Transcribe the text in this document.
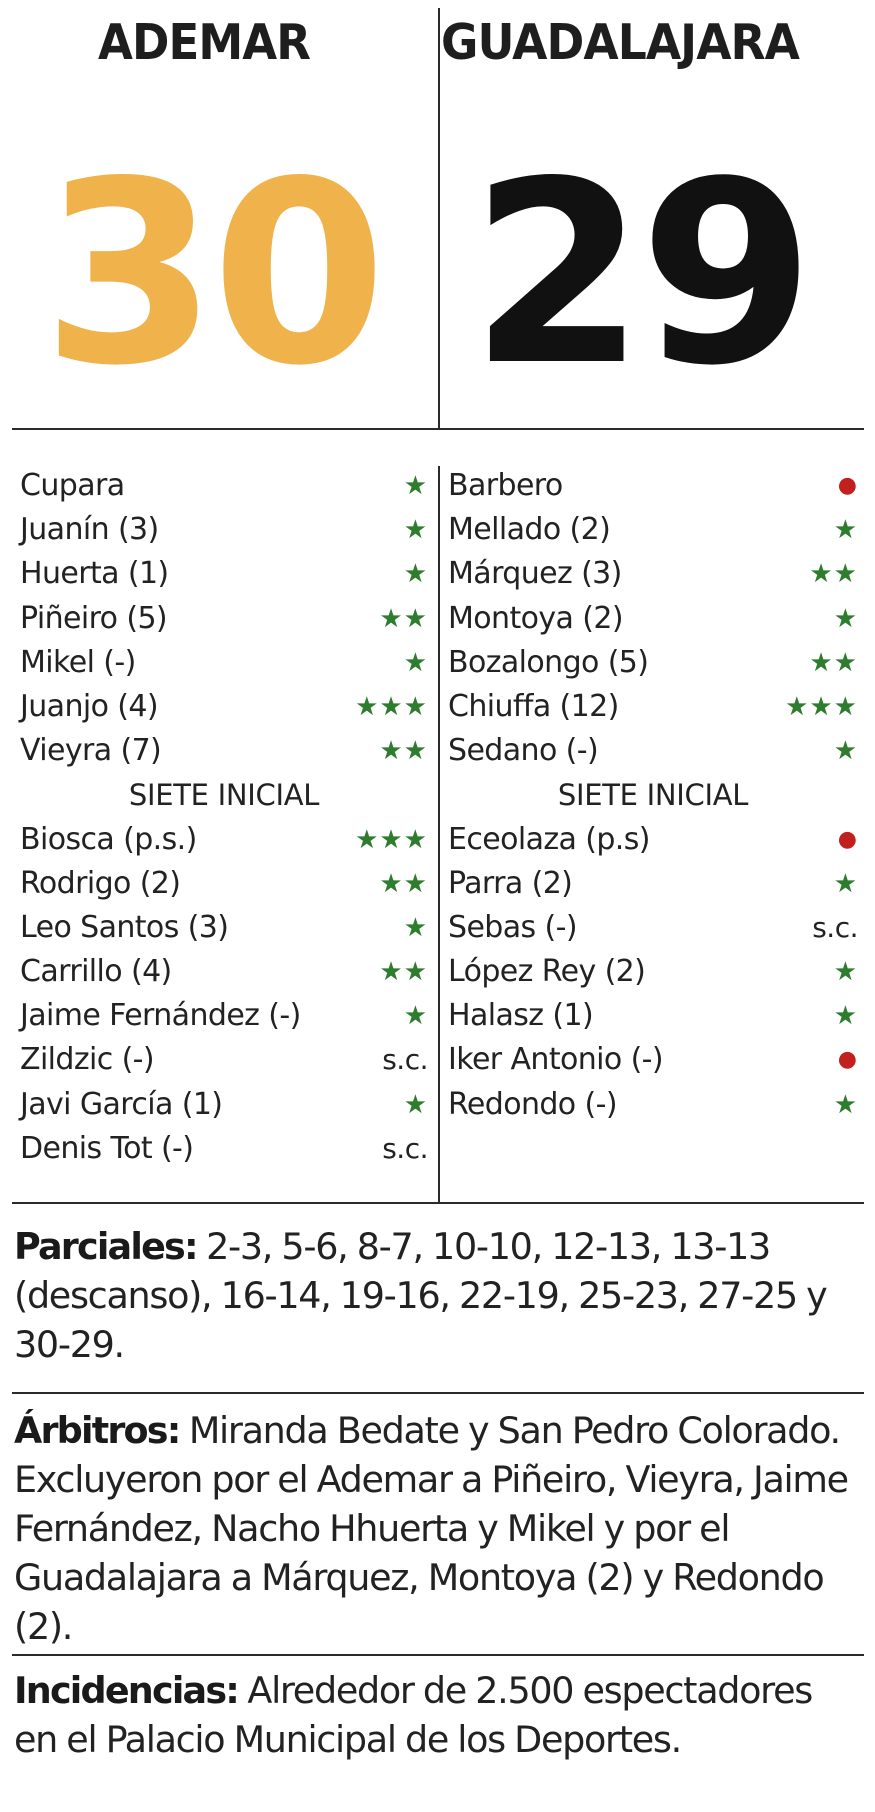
ADEMAR	GUADALAJARA
30 29
Cupara	★
Juanín (3)	★
Huerta (1)	★
Piñeiro (5)	★★
Mikel (-)	★
Juanjo (4)	★★★
Vieyra (7)	★★
SIETE INICIAL
Biosca (p.s.)	★★★
Rodrigo (2)	★★
Leo Santos (3)	★
Carrillo (4)	★★
Jaime Fernández (-)	★
Zildzic (-)	s.c.
Javi García (1)	★
Denis Tot (-)	s.c.
Barbero	●
Mellado (2)	★
Márquez (3)	★★
Montoya (2)	★
Bozalongo (5)	★★
Chiuffa (12)	★★★
Sedano (-)	★
SIETE INICIAL
Eceolaza (p.s)	●
Parra (2)	★
Sebas (-)	s.c.
López Rey (2)	★
Halasz (1)	★
Iker Antonio (-)	●
Redondo (-)	★
Parciales: 2-3, 5-6, 8-7, 10-10, 12-13, 13-13 (descanso), 16-14, 19-16, 22-19, 25-23, 27-25 y 30-29.
Árbitros: Miranda Bedate y San Pedro Colorado. Excluyeron por el Ademar a Piñeiro, Vieyra, Jaime Fernández, Nacho Hhuerta y Mikel y por el Guadalajara a Márquez, Montoya (2) y Redondo (2).
Incidencias: Alrededor de 2.500 espectadores en el Palacio Municipal de los Deportes.
